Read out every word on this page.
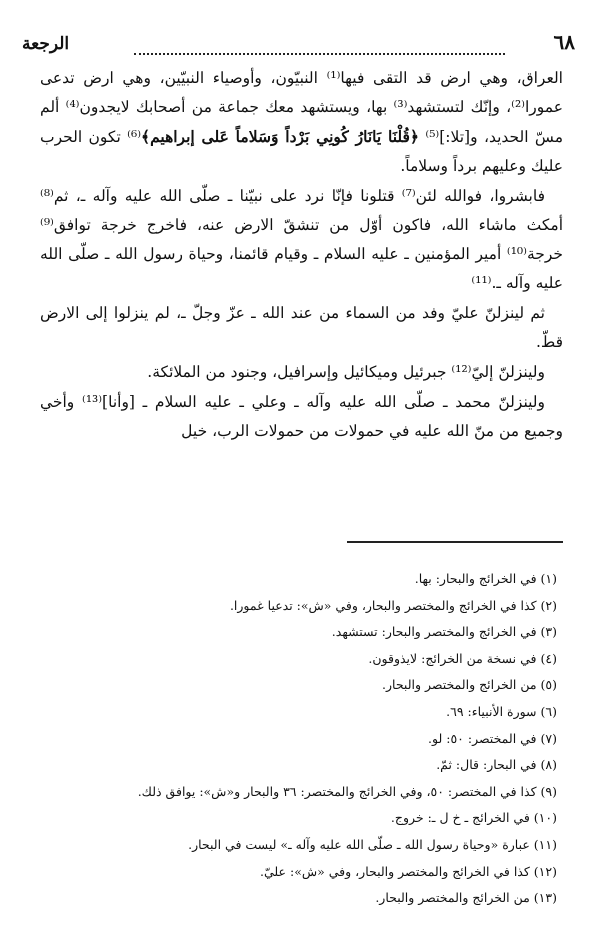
الرجعة	٦٨

العراق، وهي ارض قد التقى فيها⁽¹⁾ النبيّون، وأوصياء النبيّين، وهي ارض تدعى عمورا⁽²⁾، وإنّك لتستشهد⁽³⁾ بها، ويستشهد معك جماعة من أصحابك لايجدون⁽⁴⁾ ألم مسّ الحديد، و[تلا:]⁽⁵⁾ ﴿قُلْنَا يَانَارُ كُونِي بَرْداً وَسَلاماً عَلى إبراهيم﴾⁽⁶⁾ تكون الحرب عليك وعليهم برداً وسلاماً.

فابشروا، فوالله لئن⁽⁷⁾ قتلونا فإنّا نرد على نبيّنا ـ صلّى الله عليه وآله ـ، ثم⁽⁸⁾ أمكث ماشاء الله، فاكون أوّل من تنشقّ الارض عنه، فاخرج خرجة توافق⁽⁹⁾ خرجة⁽¹⁰⁾ أمير المؤمنين ـ عليه السلام ـ وقيام قائمنا، وحياة رسول الله ـ صلّى الله عليه وآله ـ.⁽¹¹⁾

ثم لينزلنّ عليّ وفد من السماء من عند الله ـ عزّ وجلّ ـ، لم ينزلوا إلى الارض قطّ.

ولينزلنّ إليّ⁽¹²⁾ جبرئيل وميكائيل وإسرافيل، وجنود من الملائكة.

ولينزلنّ محمد ـ صلّى الله عليه وآله ـ وعلي ـ عليه السلام ـ [وأنا]⁽¹³⁾ وأخي وجميع من منّ الله عليه في حمولات من حمولات الرب، خيل

(١) في الخرائج والبحار: بها.
(٢) كذا في الخرائج والمختصر والبحار، وفي «ش»: تدعيا غمورا.
(٣) في الخرائج والمختصر والبحار: تستشهد.
(٤) في نسخة من الخرائج: لايذوقون.
(٥) من الخرائج والمختصر والبحار.
(٦) سورة الأنبياء: ٦٩.
(٧) في المختصر: ٥٠: لو.
(٨) في البحار: قال: ثمّ.
(٩) كذا في المختصر: ٥٠، وفي الخرائج والمختصر: ٣٦ والبحار و«ش»: يوافق ذلك.
(١٠) في الخرائج ـ خ ل ـ: خروج.
(١١) عبارة «وحياة رسول الله ـ صلّى الله عليه وآله ـ» ليست في البحار.
(١٢) كذا في الخرائج والمختصر والبحار، وفي «ش»: عليّ.
(١٣) من الخرائج والمختصر والبحار.
